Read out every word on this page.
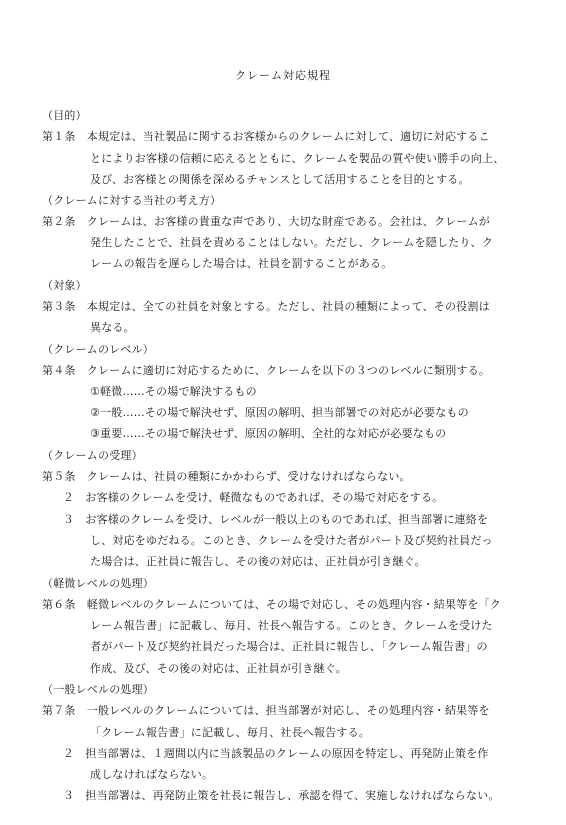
クレーム対応規程
（目的）
第１条　本規定は、当社製品に関するお客様からのクレームに対して、適切に対応するこ
とによりお客様の信頼に応えるとともに、クレームを製品の質や使い勝手の向上、
及び、お客様との関係を深めるチャンスとして活用することを目的とする。
（クレームに対する当社の考え方）
第２条　クレームは、お客様の貴重な声であり、大切な財産である。会社は、クレームが
発生したことで、社員を責めることはしない。ただし、クレームを隠したり、ク
レームの報告を遅らした場合は、社員を罰することがある。
（対象）
第３条　本規定は、全ての社員を対象とする。ただし、社員の種類によって、その役割は
異なる。
（クレームのレベル）
第４条　クレームに適切に対応するために、クレームを以下の３つのレベルに類別する。
①軽微……その場で解決するもの
②一般……その場で解決せず、原因の解明、担当部署での対応が必要なもの
③重要……その場で解決せず、原因の解明、全社的な対応が必要なもの
（クレームの受理）
第５条　クレームは、社員の種類にかかわらず、受けなければならない。
２　お客様のクレームを受け、軽微なものであれば、その場で対応をする。
３　お客様のクレームを受け、レベルが一般以上のものであれば、担当部署に連絡を
し、対応をゆだねる。このとき、クレームを受けた者がパート及び契約社員だっ
た場合は、正社員に報告し、その後の対応は、正社員が引き継ぐ。
（軽微レベルの処理）
第６条　軽微レベルのクレームについては、その場で対応し、その処理内容・結果等を「ク
レーム報告書」に記載し、毎月、社長へ報告する。このとき、クレームを受けた
者がパート及び契約社員だった場合は、正社員に報告し、「クレーム報告書」の
作成、及び、その後の対応は、正社員が引き継ぐ。
（一般レベルの処理）
第７条　一般レベルのクレームについては、担当部署が対応し、その処理内容・結果等を
「クレーム報告書」に記載し、毎月、社長へ報告する。
２　担当部署は、１週間以内に当該製品のクレームの原因を特定し、再発防止策を作
成しなければならない。
３　担当部署は、再発防止策を社長に報告し、承認を得て、実施しなければならない。
